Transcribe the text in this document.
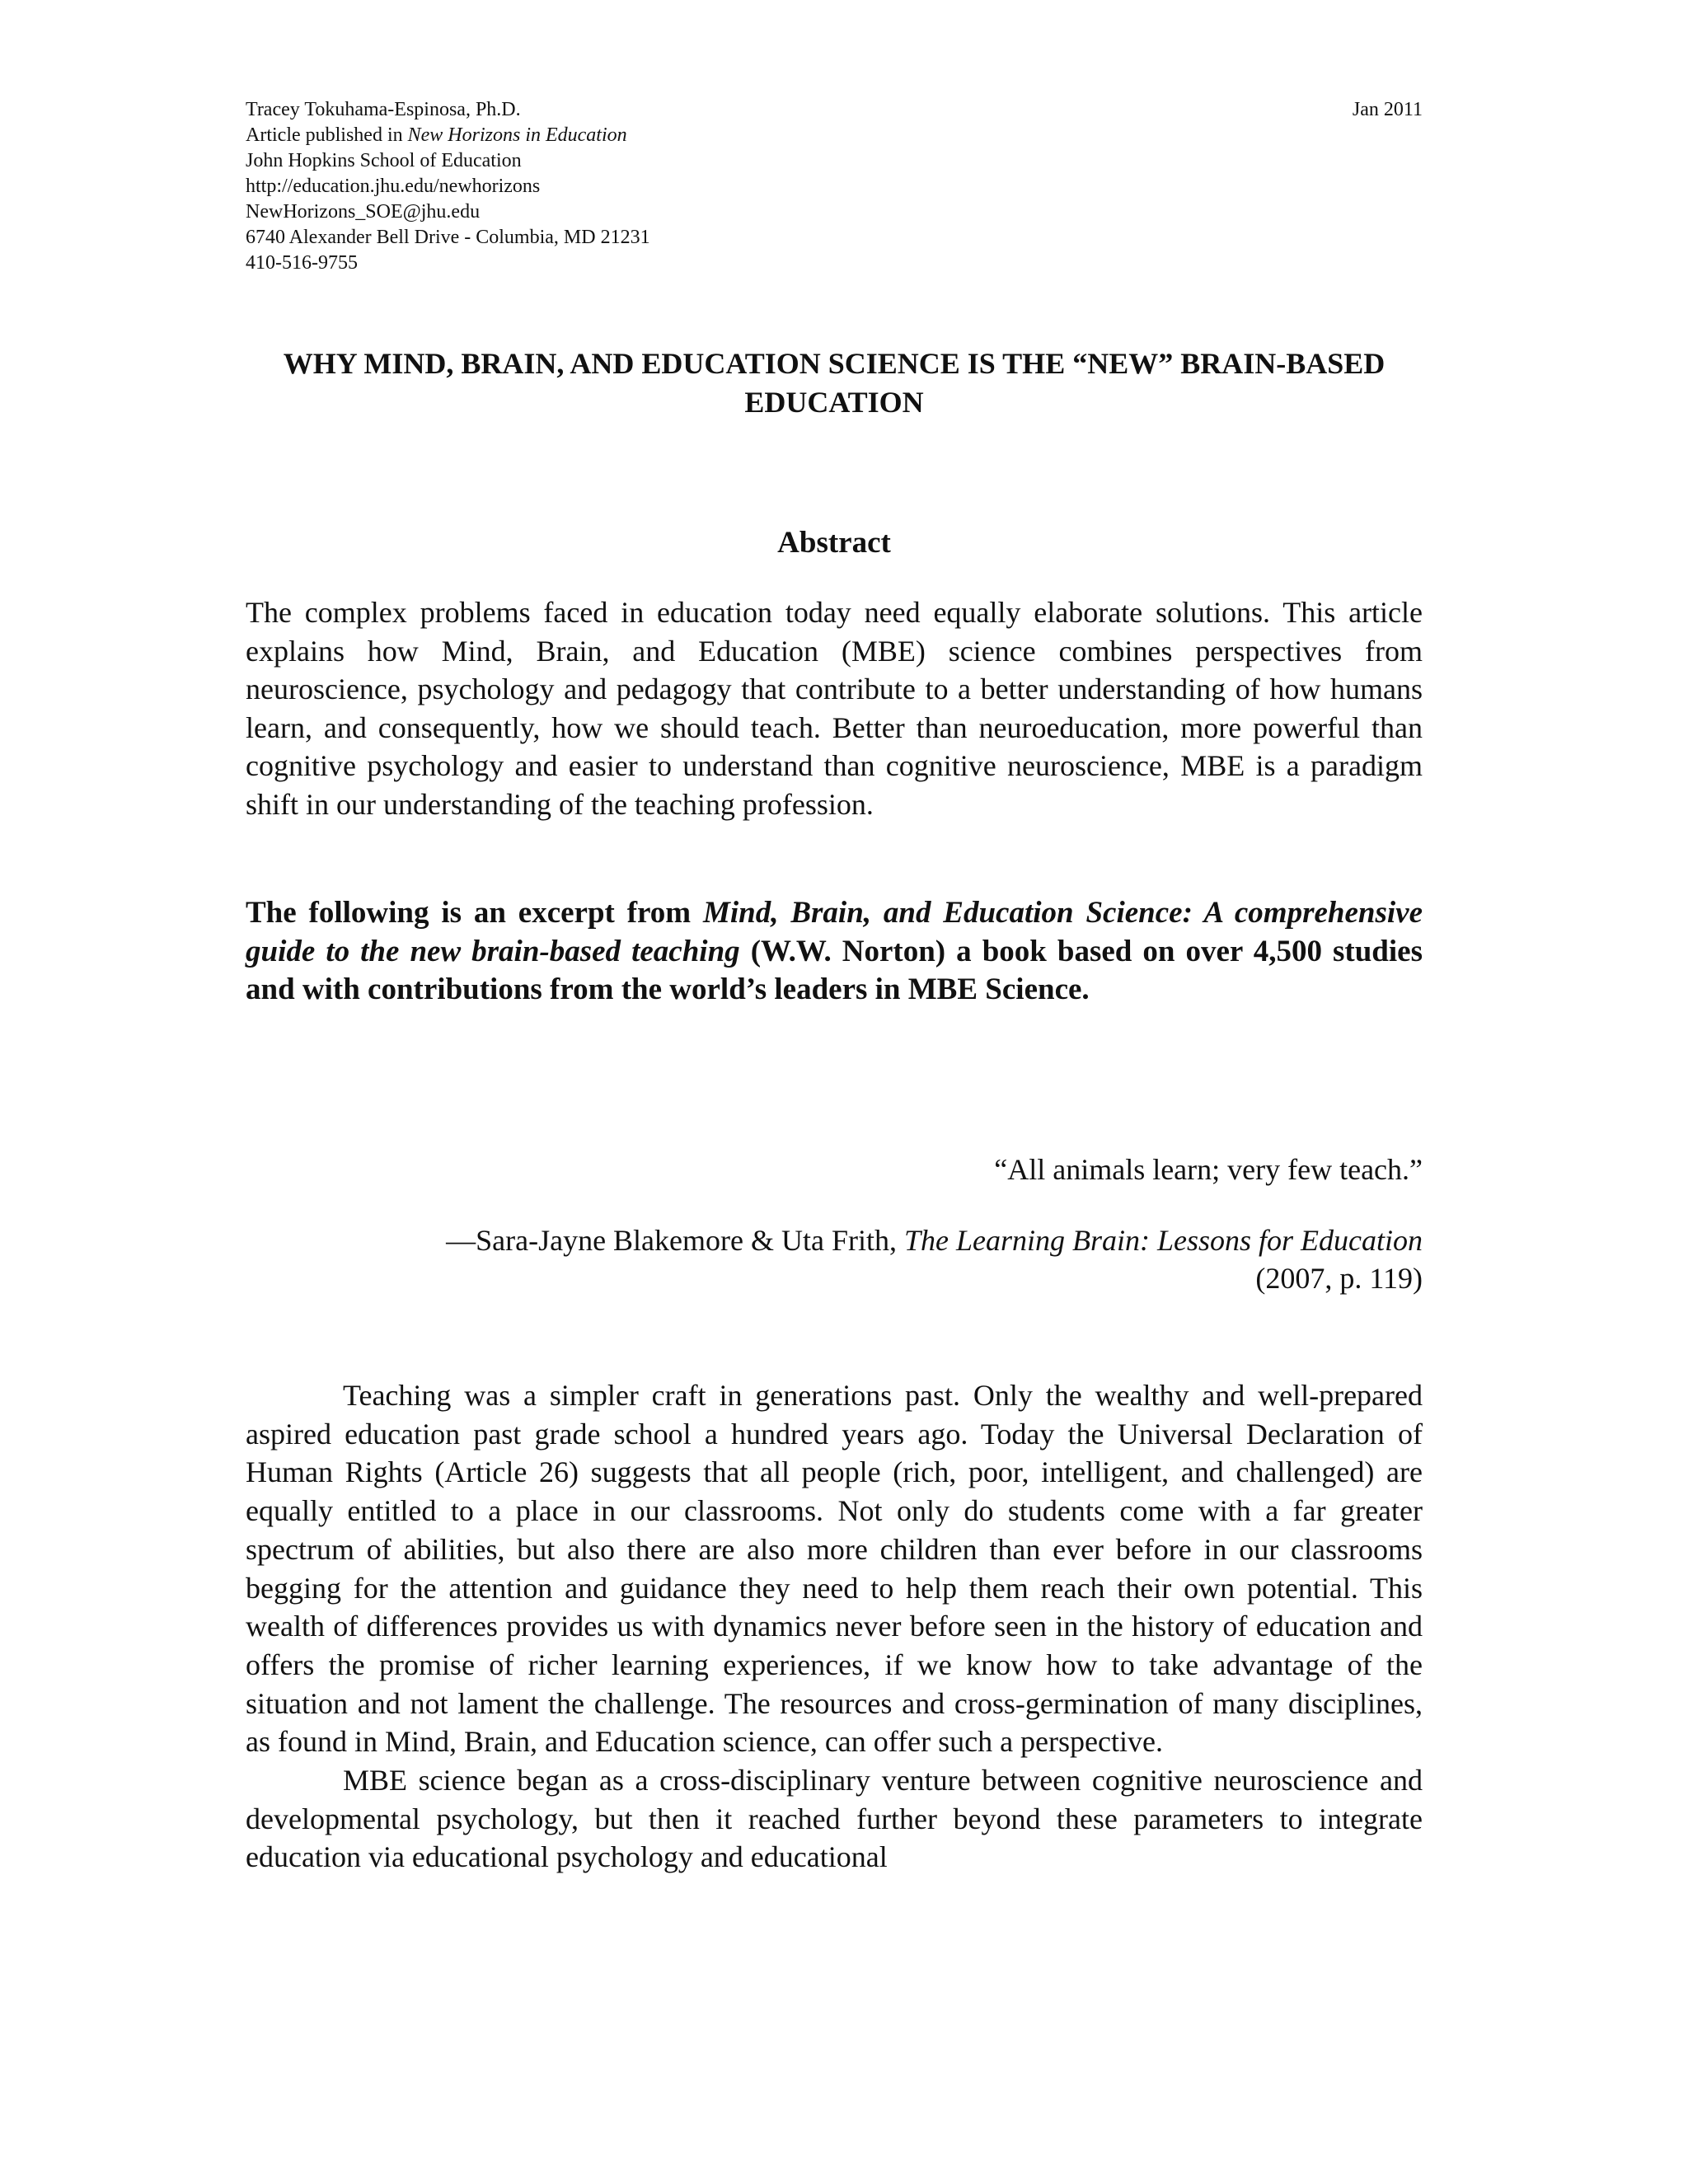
Tracey Tokuhama-Espinosa, Ph.D.
Article published in New Horizons in Education
John Hopkins School of Education
http://education.jhu.edu/newhorizons
NewHorizons_SOE@jhu.edu
6740 Alexander Bell Drive - Columbia, MD 21231
410-516-9755
Jan 2011
WHY MIND, BRAIN, AND EDUCATION SCIENCE IS THE “NEW” BRAIN-BASED
EDUCATION
Abstract

The complex problems faced in education today need equally elaborate solutions. This article explains how Mind, Brain, and Education (MBE) science combines perspectives from neuroscience, psychology and pedagogy that contribute to a better understanding of how humans learn, and consequently, how we should teach. Better than neuroeducation, more powerful than cognitive psychology and easier to understand than cognitive neuroscience, MBE is a paradigm shift in our understanding of the teaching profession.

The following is an excerpt from Mind, Brain, and Education Science: A comprehensive guide to the new brain-based teaching (W.W. Norton) a book based on over 4,500 studies and with contributions from the world’s leaders in MBE Science.

“All animals learn; very few teach.”

—Sara-Jayne Blakemore & Uta Frith, The Learning Brain: Lessons for Education
(2007, p. 119)

Teaching was a simpler craft in generations past. Only the wealthy and well-prepared aspired education past grade school a hundred years ago. Today the Universal Declaration of Human Rights (Article 26) suggests that all people (rich, poor, intelligent, and challenged) are equally entitled to a place in our classrooms. Not only do students come with a far greater spectrum of abilities, but also there are also more children than ever before in our classrooms begging for the attention and guidance they need to help them reach their own potential. This wealth of differences provides us with dynamics never before seen in the history of education and offers the promise of richer learning experiences, if we know how to take advantage of the situation and not lament the challenge. The resources and cross-germination of many disciplines, as found in Mind, Brain, and Education science, can offer such a perspective.

MBE science began as a cross-disciplinary venture between cognitive neuroscience and developmental psychology, but then it reached further beyond these parameters to integrate education via educational psychology and educational
